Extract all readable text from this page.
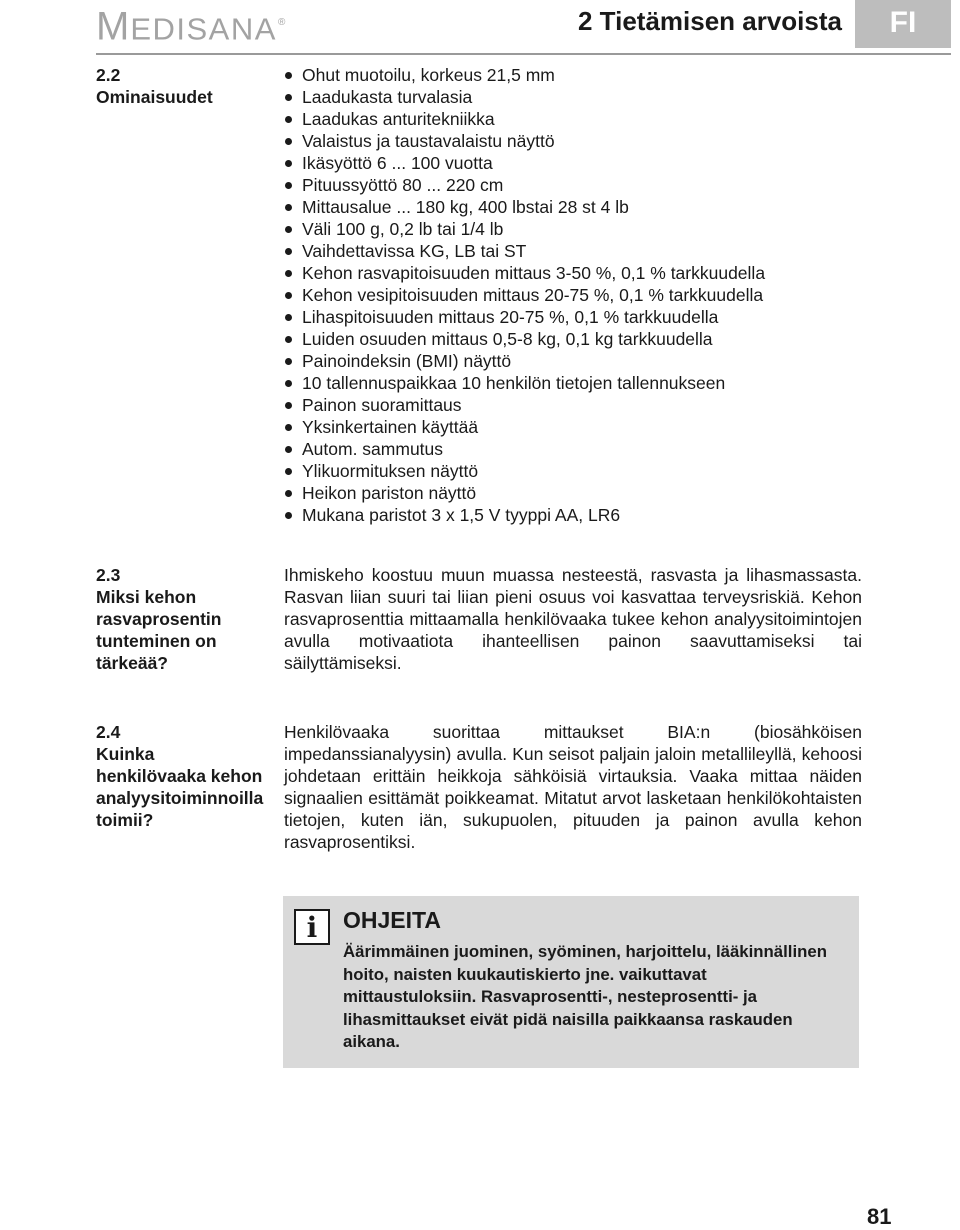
MEDISANA®	2 Tietämisen arvoista	FI
2.2
Ominaisuudet
Ohut muotoilu, korkeus 21,5 mm
Laadukasta turvalasia
Laadukas anturitekniikka
Valaistus ja taustavalaistu näyttö
Ikäsyöttö 6 ... 100 vuotta
Pituussyöttö 80 ... 220 cm
Mittausalue ... 180 kg, 400 lbstai 28 st 4 lb
Väli 100 g, 0,2 lb tai 1/4 lb
Vaihdettavissa KG, LB tai ST
Kehon rasvapitoisuuden mittaus 3-50 %, 0,1 % tarkkuudella
Kehon vesipitoisuuden mittaus 20-75 %, 0,1 % tarkkuudella
Lihaspitoisuuden mittaus 20-75 %, 0,1 % tarkkuudella
Luiden osuuden mittaus 0,5-8 kg, 0,1 kg tarkkuudella
Painoindeksin (BMI) näyttö
10 tallennuspaikkaa 10 henkilön tietojen tallennukseen
Painon suoramittaus
Yksinkertainen käyttää
Autom. sammutus
Ylikuormituksen näyttö
Heikon pariston näyttö
Mukana paristot 3 x 1,5 V tyyppi AA, LR6
2.3
Miksi kehon
rasvaprosentin
tunteminen on
tärkeää?

Ihmiskeho koostuu muun muassa nesteestä, rasvasta ja lihasmassasta. Rasvan liian suuri tai liian pieni osuus voi kasvattaa terveysriskiä. Kehon rasvaprosenttia mittaamalla henkilövaaka tukee kehon analyysitoimintojen avulla motivaatiota ihanteellisen painon saavuttamiseksi tai säilyttämiseksi.

2.4
Kuinka
henkilövaaka kehon
analyysitoiminnoilla
toimii?

Henkilövaaka suorittaa mittaukset BIA:n (biosähköisen impedanssianalyysin) avulla. Kun seisot paljain jaloin metallileyllä, kehoosi johdetaan erittäin heikkoja sähköisiä virtauksia. Vaaka mittaa näiden signaalien esittämät poikkeamat. Mitatut arvot lasketaan henkilökohtaisten tietojen, kuten iän, sukupuolen, pituuden ja painon avulla kehon rasvaprosentiksi.

i	OHJEITA
Äärimmäinen juominen, syöminen, harjoittelu, lääkinnällinen hoito, naisten kuukautiskierto jne. vaikuttavat mittaustuloksiin. Rasvaprosentti-, nesteprosentti- ja lihasmittaukset eivät pidä naisilla paikkaansa raskauden aikana.
81
